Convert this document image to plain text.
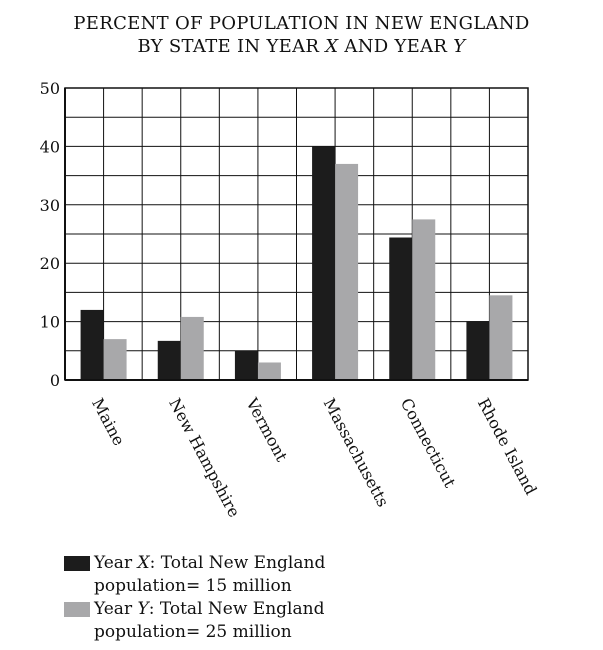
PERCENT OF POPULATION IN NEW ENGLAND
BY STATE IN YEAR X AND YEAR Y
0
10
20
30
40
50
Maine New Hampshire
Vermont Massachusetts Connecticut Rhode Island
Year X: Total New England
population= 15 million
Year Y: Total New England
population= 25 million
